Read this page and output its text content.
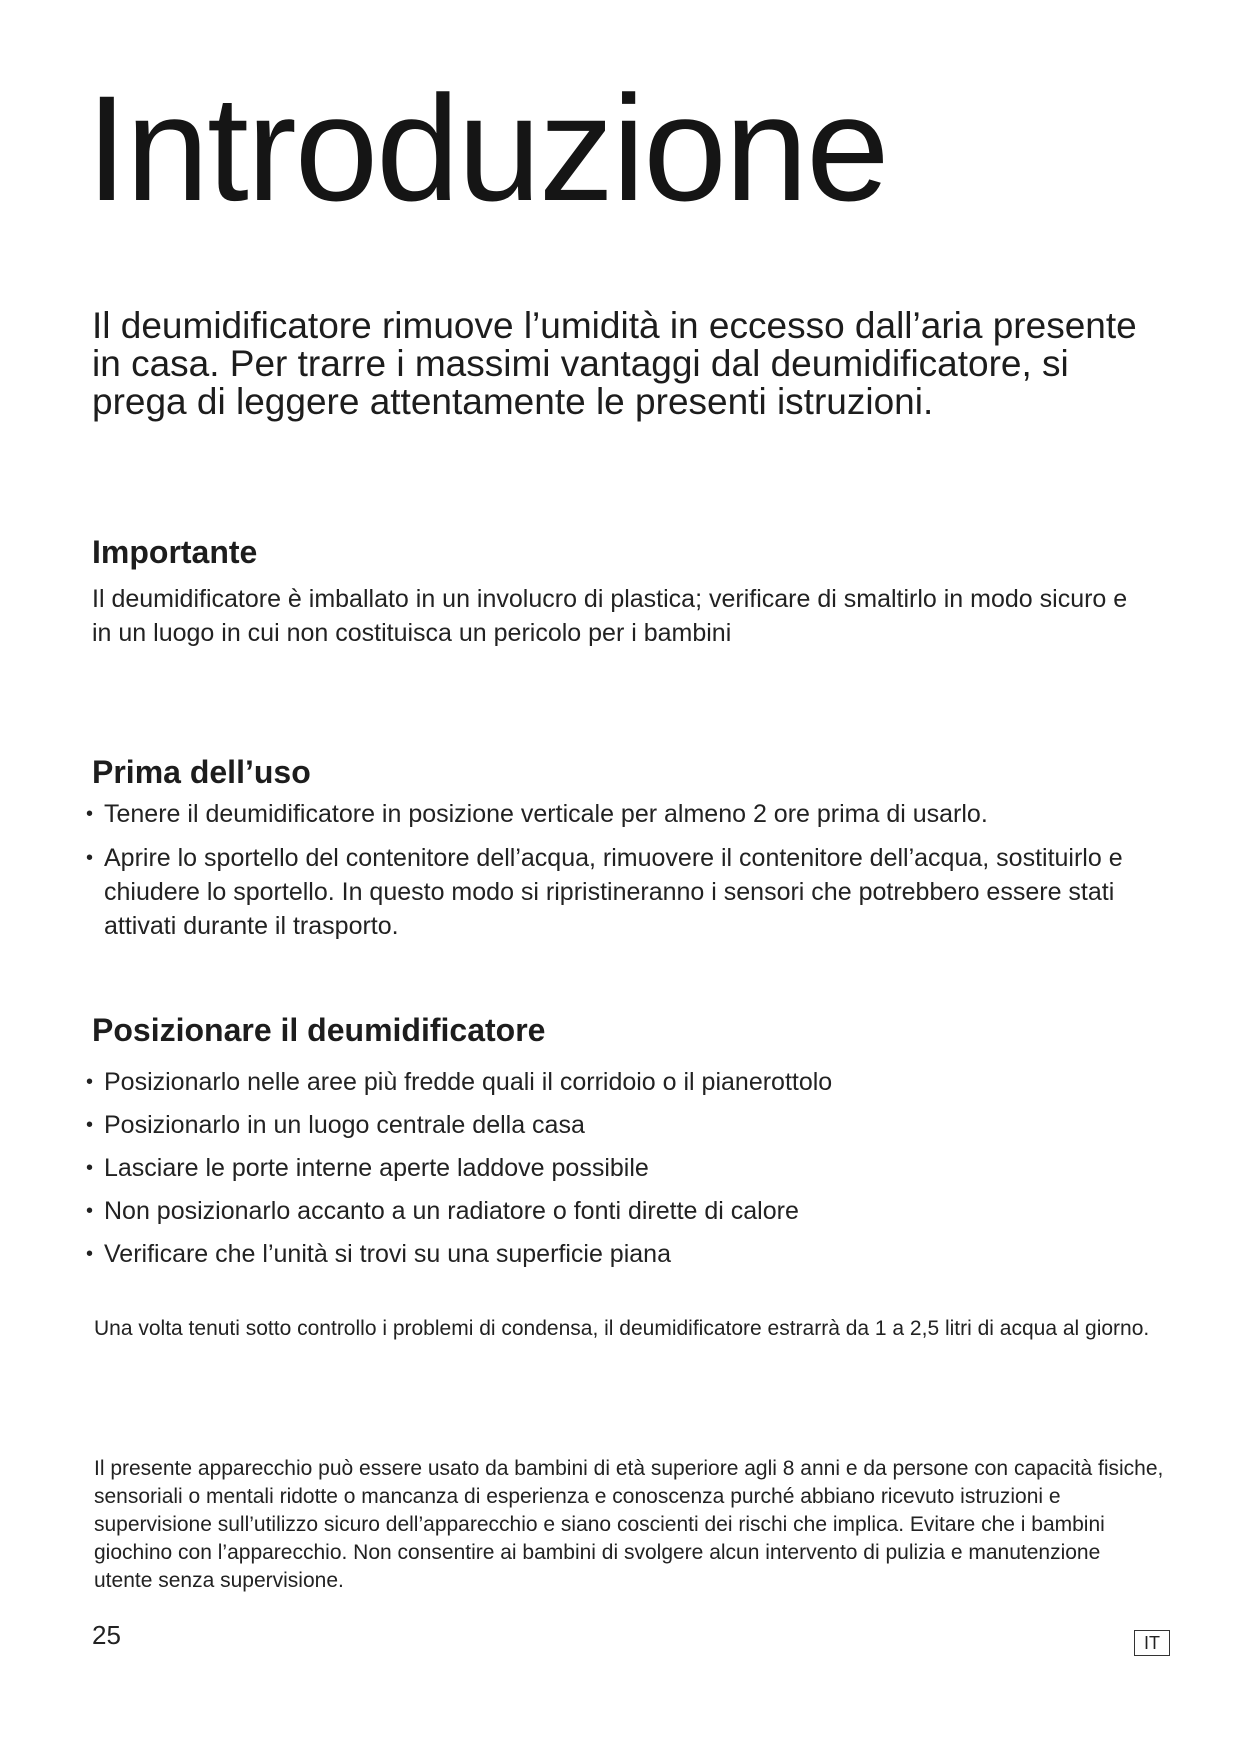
Introduzione

Il deumidificatore rimuove l’umidità in eccesso dall’aria presente in casa. Per trarre i massimi vantaggi dal deumidificatore, si prega di leggere attentamente le presenti istruzioni.

Importante

Il deumidificatore è imballato in un involucro di plastica; verificare di smaltirlo in modo sicuro e in un luogo in cui non costituisca un pericolo per i bambini

Prima dell’uso
• Tenere il deumidificatore in posizione verticale per almeno 2 ore prima di usarlo.
• Aprire lo sportello del contenitore dell’acqua, rimuovere il contenitore dell’acqua, sostituirlo e chiudere lo sportello. In questo modo si ripristineranno i sensori che potrebbero essere stati attivati durante il trasporto.
Posizionare il deumidificatore
• Posizionarlo nelle aree più fredde quali il corridoio o il pianerottolo
• Posizionarlo in un luogo centrale della casa
• Lasciare le porte interne aperte laddove possibile
• Non posizionarlo accanto a un radiatore o fonti dirette di calore
• Verificare che l’unità si trovi su una superficie piana

Una volta tenuti sotto controllo i problemi di condensa, il deumidificatore estrarrà da 1 a 2,5 litri di acqua al giorno.

Il presente apparecchio può essere usato da bambini di età superiore agli 8 anni e da persone con capacità fisiche, sensoriali o mentali ridotte o mancanza di esperienza e conoscenza purché abbiano ricevuto istruzioni e supervisione sull’utilizzo sicuro dell’apparecchio e siano coscienti dei rischi che implica. Evitare che i bambini giochino con l’apparecchio. Non consentire ai bambini di svolgere alcun intervento di pulizia e manutenzione utente senza supervisione.

25	IT
